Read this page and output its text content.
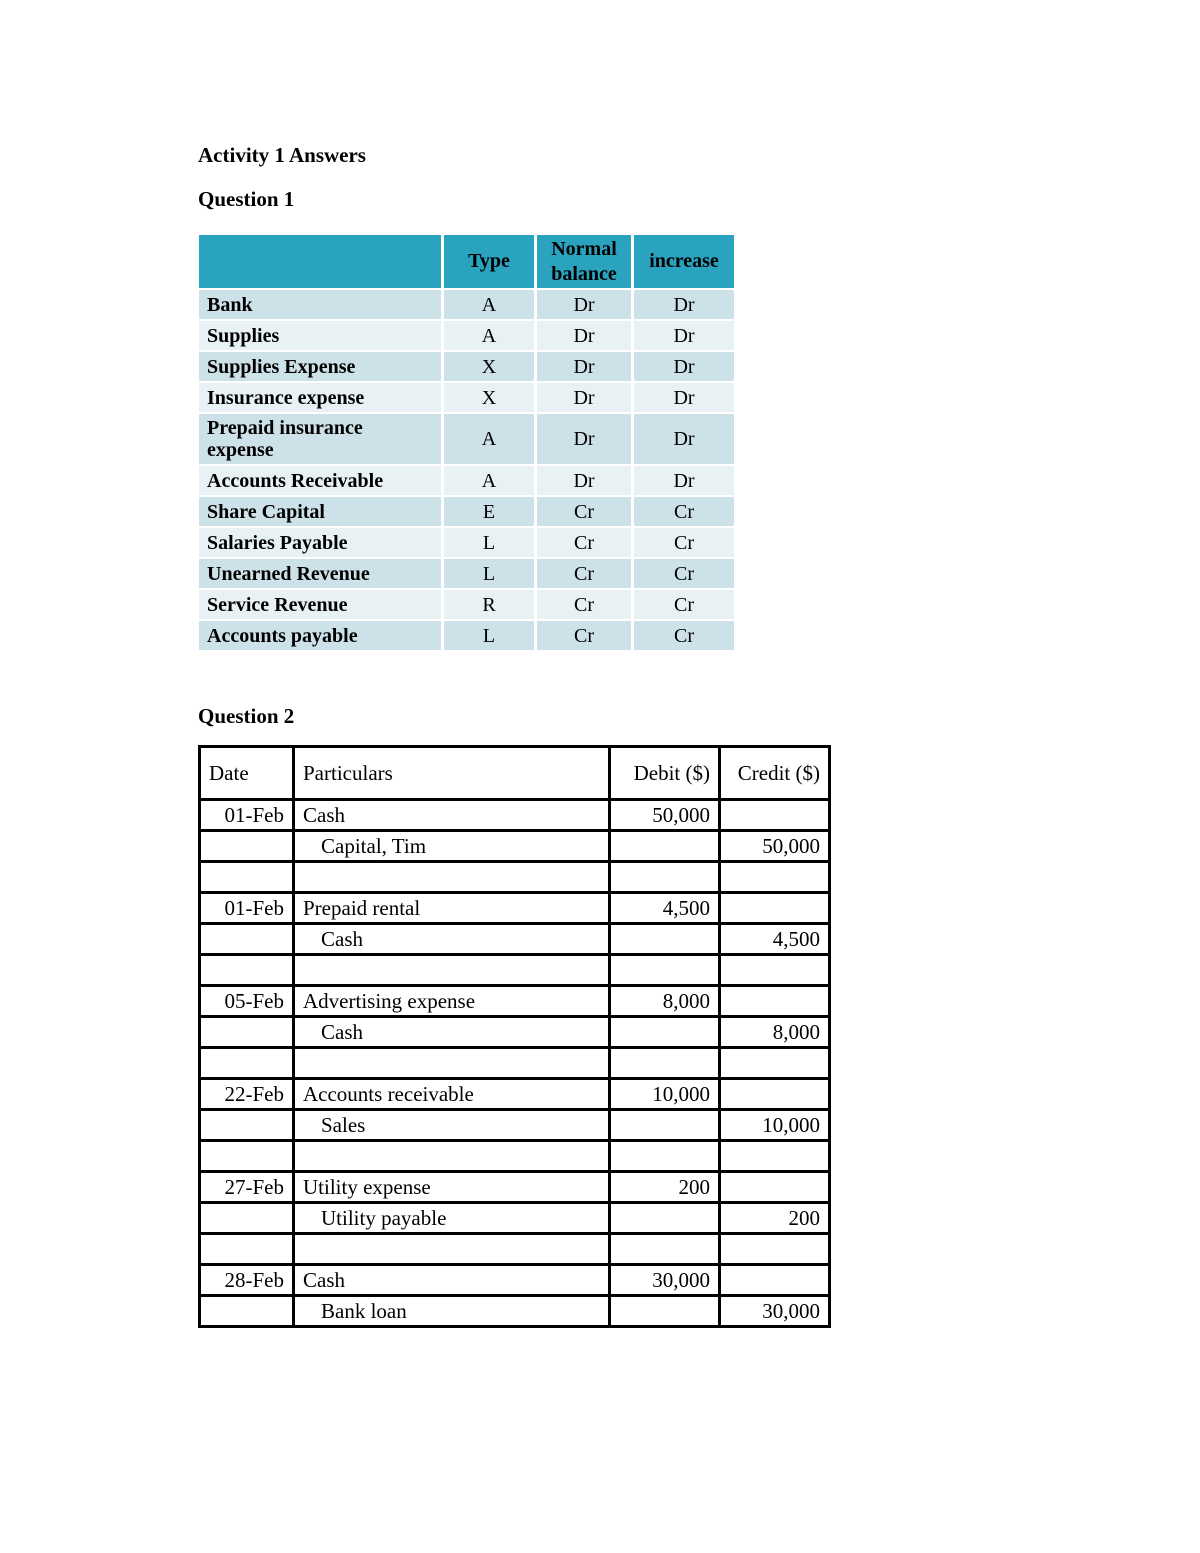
Activity 1 Answers
Question 1
	Type	Normal balance	increase
Bank	A	Dr	Dr
Supplies	A	Dr	Dr
Supplies Expense	X	Dr	Dr
Insurance expense	X	Dr	Dr
Prepaid insurance expense	A	Dr	Dr
Accounts Receivable	A	Dr	Dr
Share Capital	E	Cr	Cr
Salaries Payable	L	Cr	Cr
Unearned Revenue	L	Cr	Cr
Service Revenue	R	Cr	Cr
Accounts payable	L	Cr	Cr
Question 2
Date	Particulars	Debit ($)	Credit ($)
01-Feb	Cash	50,000	
	Capital, Tim		50,000

01-Feb	Prepaid rental	4,500	
	Cash		4,500

05-Feb	Advertising expense	8,000	
	Cash		8,000

22-Feb	Accounts receivable	10,000	
	Sales		10,000

27-Feb	Utility expense	200	
	Utility payable		200

28-Feb	Cash	30,000	
	Bank loan		30,000
